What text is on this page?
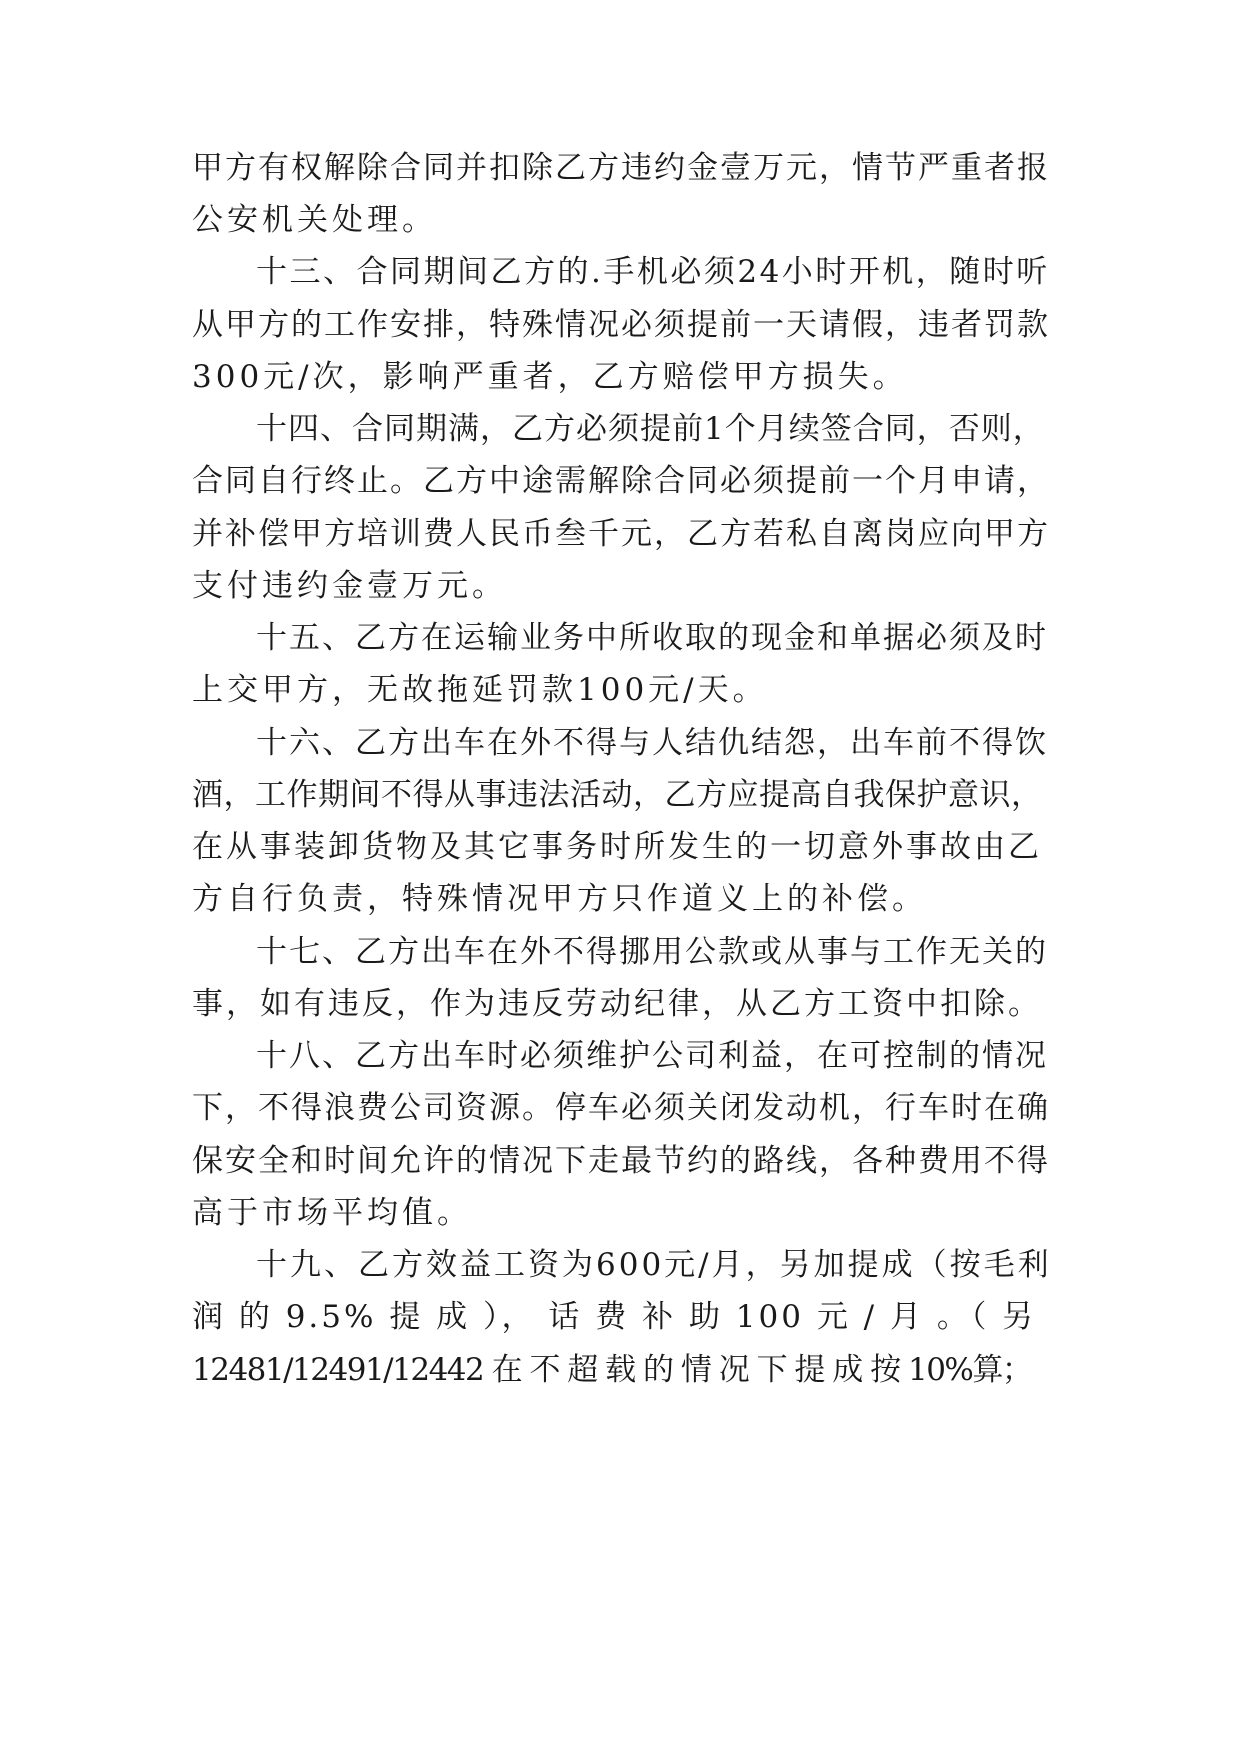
甲方有权解除合同并扣除乙方违约金壹万元，情节严重者报
公安机关处理。
十三、合同期间乙方的.手机必须24小时开机，随时听
从甲方的工作安排，特殊情况必须提前一天请假，违者罚款
300元/次，影响严重者，乙方赔偿甲方损失。
十四、合同期满，乙方必须提前1个月续签合同，否则，
合同自行终止。乙方中途需解除合同必须提前一个月申请，
并补偿甲方培训费人民币叁千元，乙方若私自离岗应向甲方
支付违约金壹万元。
十五、乙方在运输业务中所收取的现金和单据必须及时
上交甲方，无故拖延罚款100元/天。
十六、乙方出车在外不得与人结仇结怨，出车前不得饮
酒，工作期间不得从事违法活动，乙方应提高自我保护意识，
在从事装卸货物及其它事务时所发生的一切意外事故由乙
方自行负责，特殊情况甲方只作道义上的补偿。
十七、乙方出车在外不得挪用公款或从事与工作无关的
事，如有违反，作为违反劳动纪律，从乙方工资中扣除。
十八、乙方出车时必须维护公司利益，在可控制的情况
下，不得浪费公司资源。停车必须关闭发动机，行车时在确
保安全和时间允许的情况下走最节约的路线，各种费用不得
高于市场平均值。
十九、乙方效益工资为600元/月，另加提成（按毛利
润 的 9.5% 提 成 ）， 话 费 补 助 100 元 / 月 。（ 另
12481/12491/12442 在 不 超 载 的 情 况 下 提 成 按 10%算；
